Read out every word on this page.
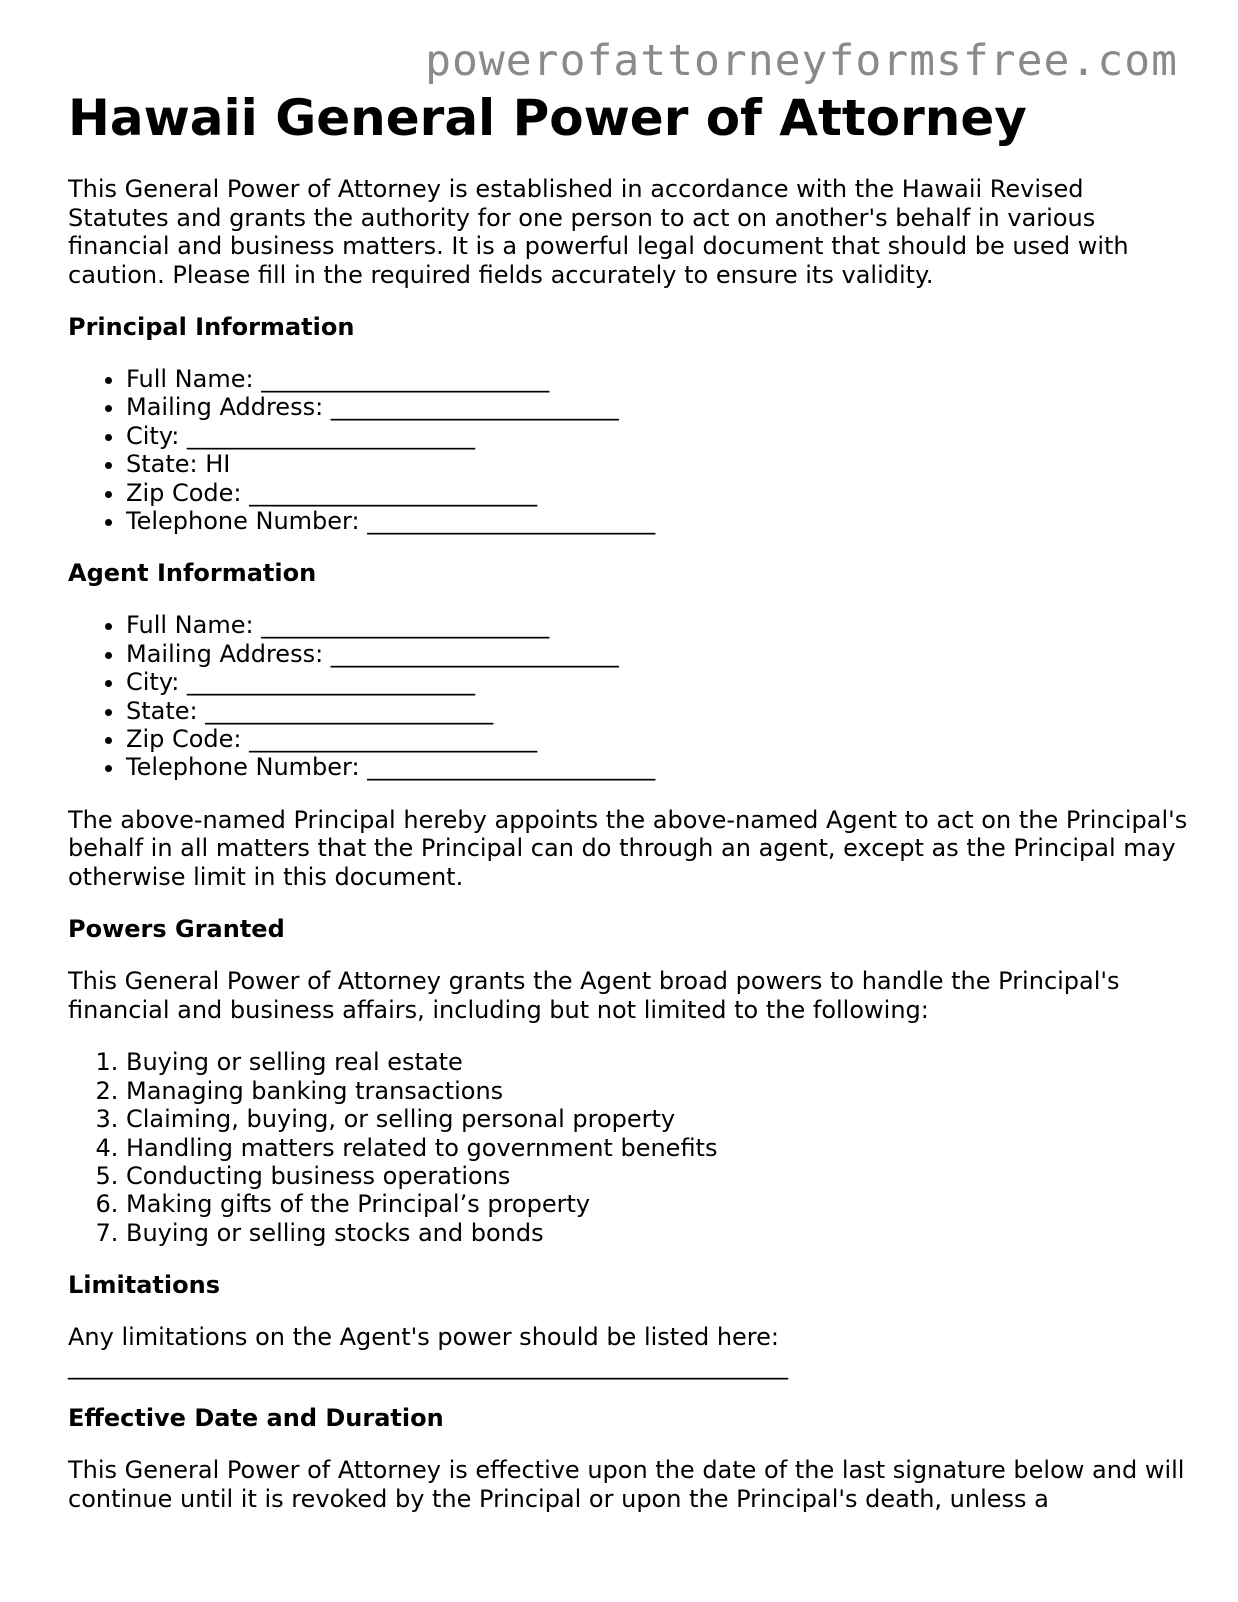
powerofattorneyformsfree.com
Hawaii General Power of Attorney

This General Power of Attorney is established in accordance with the Hawaii Revised Statutes and grants the authority for one person to act on another's behalf in various financial and business matters. It is a powerful legal document that should be used with caution. Please fill in the required fields accurately to ensure its validity.

Principal Information
• Full Name: ________________________
• Mailing Address: ________________________
• City: ________________________
• State: HI
• Zip Code: ________________________
• Telephone Number: ________________________
Agent Information
• Full Name: ________________________
• Mailing Address: ________________________
• City: ________________________
• State: ________________________
• Zip Code: ________________________
• Telephone Number: ________________________

The above-named Principal hereby appoints the above-named Agent to act on the Principal's behalf in all matters that the Principal can do through an agent, except as the Principal may otherwise limit in this document.

Powers Granted

This General Power of Attorney grants the Agent broad powers to handle the Principal's financial and business affairs, including but not limited to the following:

1. Buying or selling real estate
2. Managing banking transactions
3. Claiming, buying, or selling personal property
4. Handling matters related to government benefits
5. Conducting business operations
6. Making gifts of the Principal’s property
7. Buying or selling stocks and bonds
Limitations

Any limitations on the Agent's power should be listed here:

____________________________________________________________

Effective Date and Duration

This General Power of Attorney is effective upon the date of the last signature below and will continue until it is revoked by the Principal or upon the Principal's death, unless a
